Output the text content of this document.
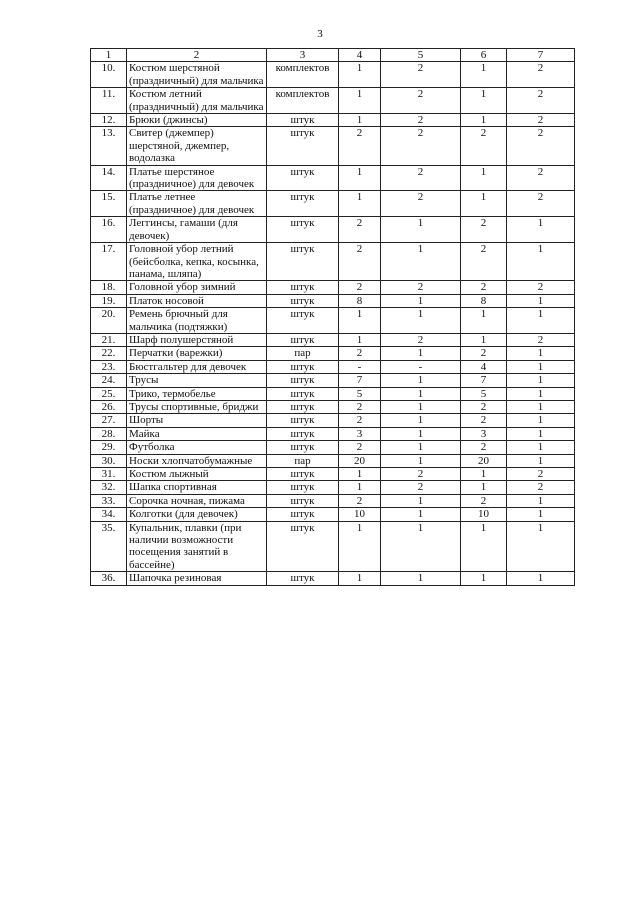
3
1	2	3	4	5	6	7
10.	Костюм шерстяной (праздничный) для мальчика	комплектов	1	2	1	2
11.	Костюм летний (праздничный) для мальчика	комплектов	1	2	1	2
12.	Брюки (джинсы)	штук	1	2	1	2
13.	Свитер (джемпер) шерстяной, джемпер, водолазка	штук	2	2	2	2
14.	Платье шерстяное (праздничное) для девочек	штук	1	2	1	2
15.	Платье летнее (праздничное) для девочек	штук	1	2	1	2
16.	Леггинсы, гамаши (для девочек)	штук	2	1	2	1
17.	Головной убор летний (бейсболка, кепка, косынка, панама, шляпа)	штук	2	1	2	1
18.	Головной убор зимний	штук	2	2	2	2
19.	Платок носовой	штук	8	1	8	1
20.	Ремень брючный для мальчика (подтяжки)	штук	1	1	1	1
21.	Шарф полушерстяной	штук	1	2	1	2
22.	Перчатки (варежки)	пар	2	1	2	1
23.	Бюстгальтер для девочек	штук	-	-	4	1
24.	Трусы	штук	7	1	7	1
25.	Трико, термобелье	штук	5	1	5	1
26.	Трусы спортивные, бриджи	штук	2	1	2	1
27.	Шорты	штук	2	1	2	1
28.	Майка	штук	3	1	3	1
29.	Футболка	штук	2	1	2	1
30.	Носки хлопчатобумажные	пар	20	1	20	1
31.	Костюм лыжный	штук	1	2	1	2
32.	Шапка спортивная	штук	1	2	1	2
33.	Сорочка ночная, пижама	штук	2	1	2	1
34.	Колготки (для девочек)	штук	10	1	10	1
35.	Купальник, плавки (при наличии возможности посещения занятий в бассейне)	штук	1	1	1	1
36.	Шапочка резиновая	штук	1	1	1	1
